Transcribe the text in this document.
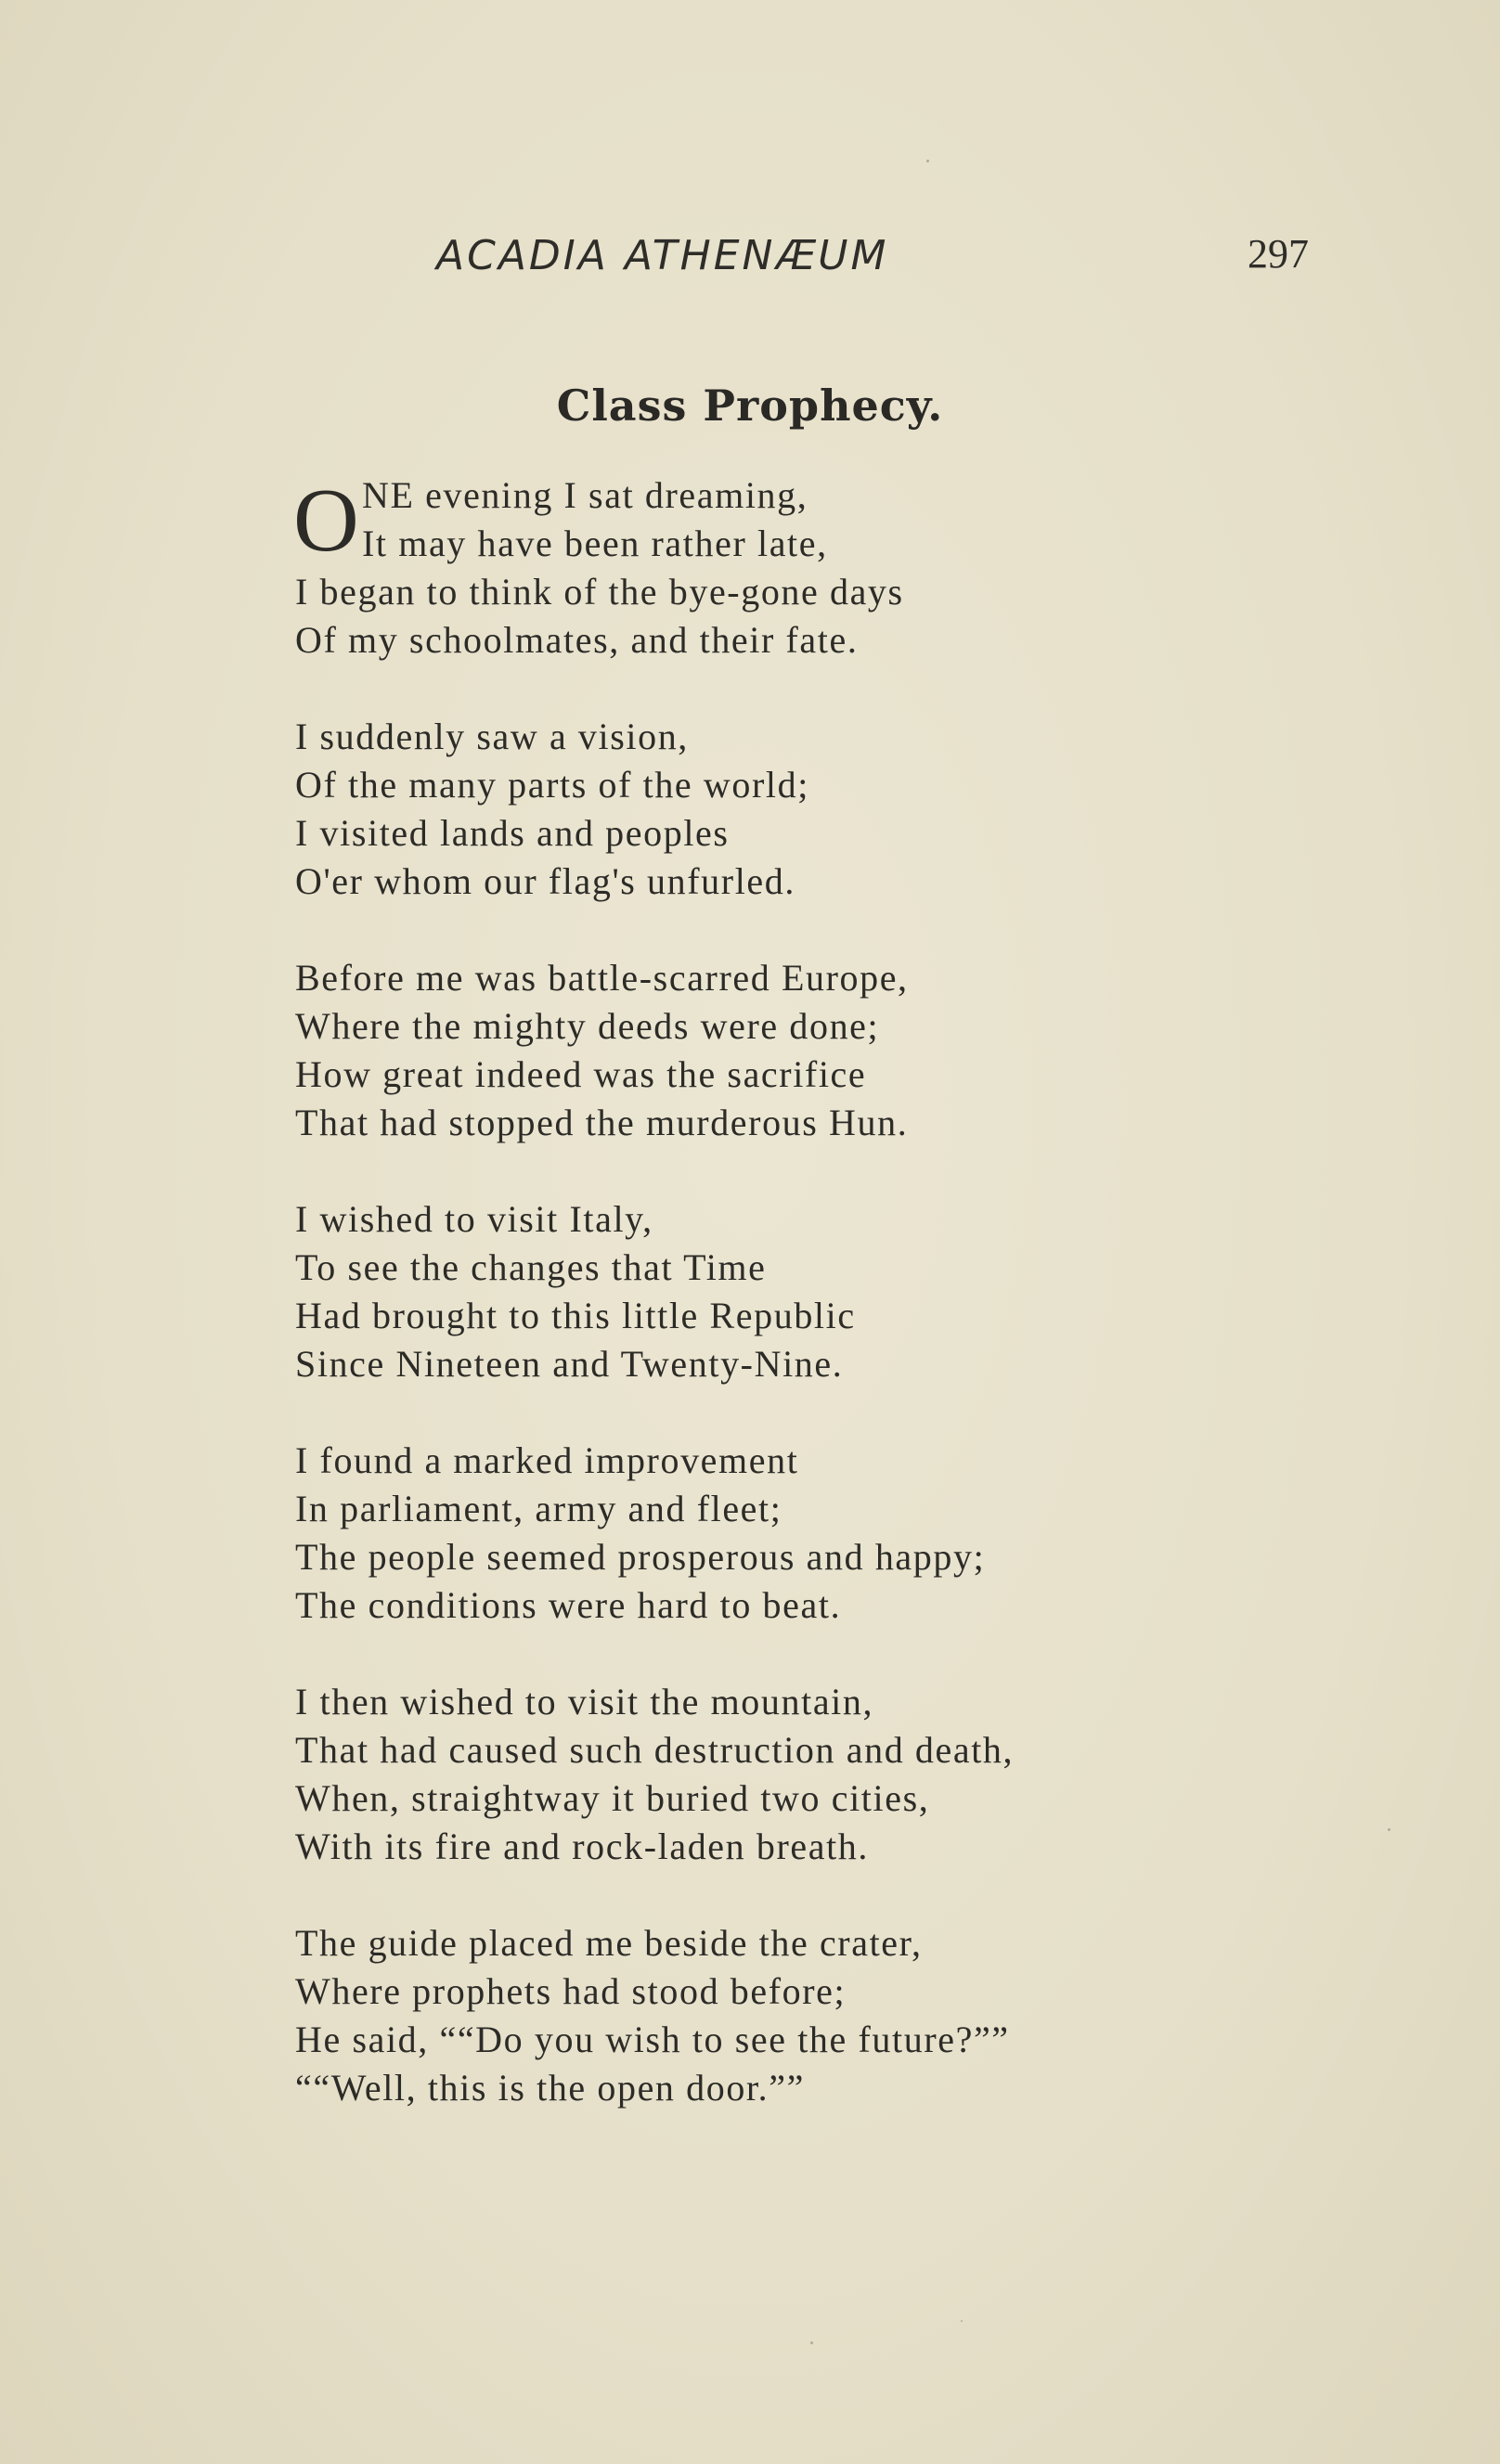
ACADIA ATHENÆUM	297
Class Prophecy.
O NE evening I sat dreaming,
It may have been rather late,
I began to think of the bye-gone days
Of my schoolmates, and their fate.
I suddenly saw a vision,
Of the many parts of the world;
I visited lands and peoples
O'er whom our flag's unfurled.
Before me was battle-scarred Europe,
Where the mighty deeds were done;
How great indeed was the sacrifice
That had stopped the murderous Hun.
I wished to visit Italy,
To see the changes that Time
Had brought to this little Republic
Since Nineteen and Twenty-Nine.
I found a marked improvement
In parliament, army and fleet;
The people seemed prosperous and happy;
The conditions were hard to beat.
I then wished to visit the mountain,
That had caused such destruction and death,
When, straightway it buried two cities,
With its fire and rock-laden breath.
The guide placed me beside the crater,
Where prophets had stood before;
He said, ““Do you wish to see the future?””
““Well, this is the open door.””
